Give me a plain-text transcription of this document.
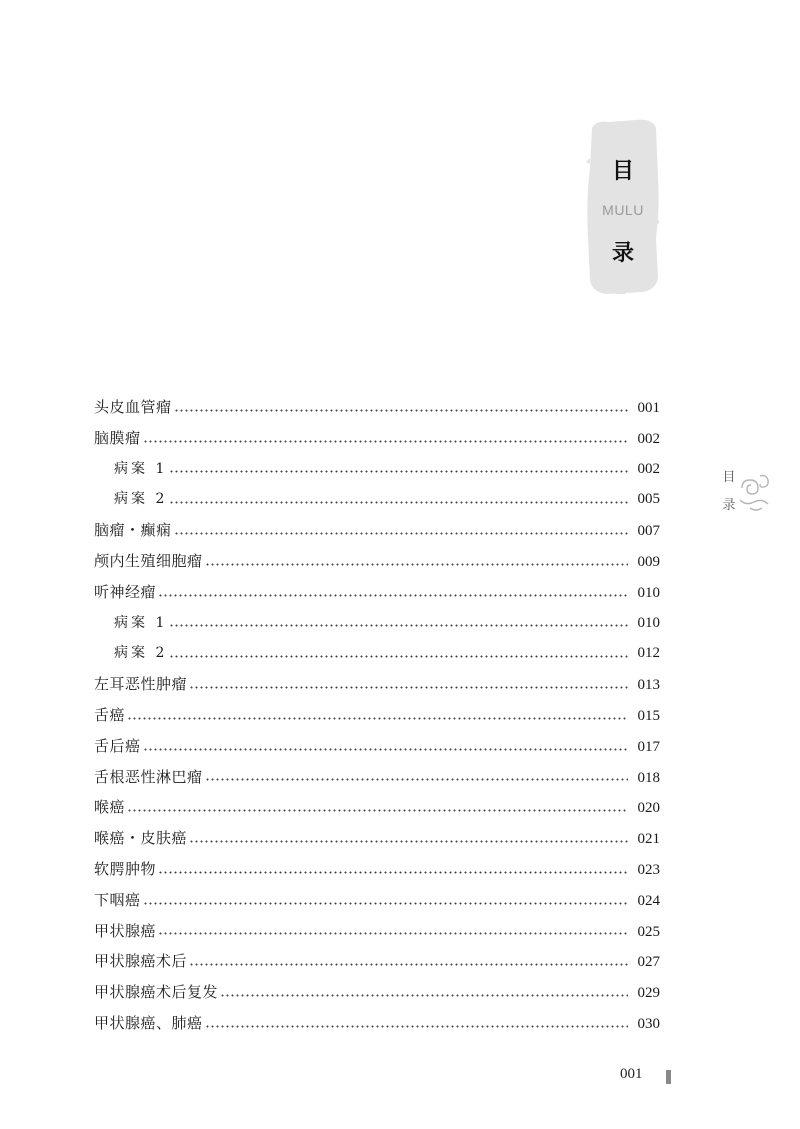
目
MULU
录
目
录
头皮血管瘤	001
脑膜瘤	002
病案 1	002
病案 2	005
脑瘤・癫痫	007
颅内生殖细胞瘤	009
听神经瘤	010
病案 1	010
病案 2	012
左耳恶性肿瘤	013
舌癌	015
舌后癌	017
舌根恶性淋巴瘤	018
喉癌	020
喉癌・皮肤癌	021
软腭肿物	023
下咽癌	024
甲状腺癌	025
甲状腺癌术后	027
甲状腺癌术后复发	029
甲状腺癌、肺癌	030
001
